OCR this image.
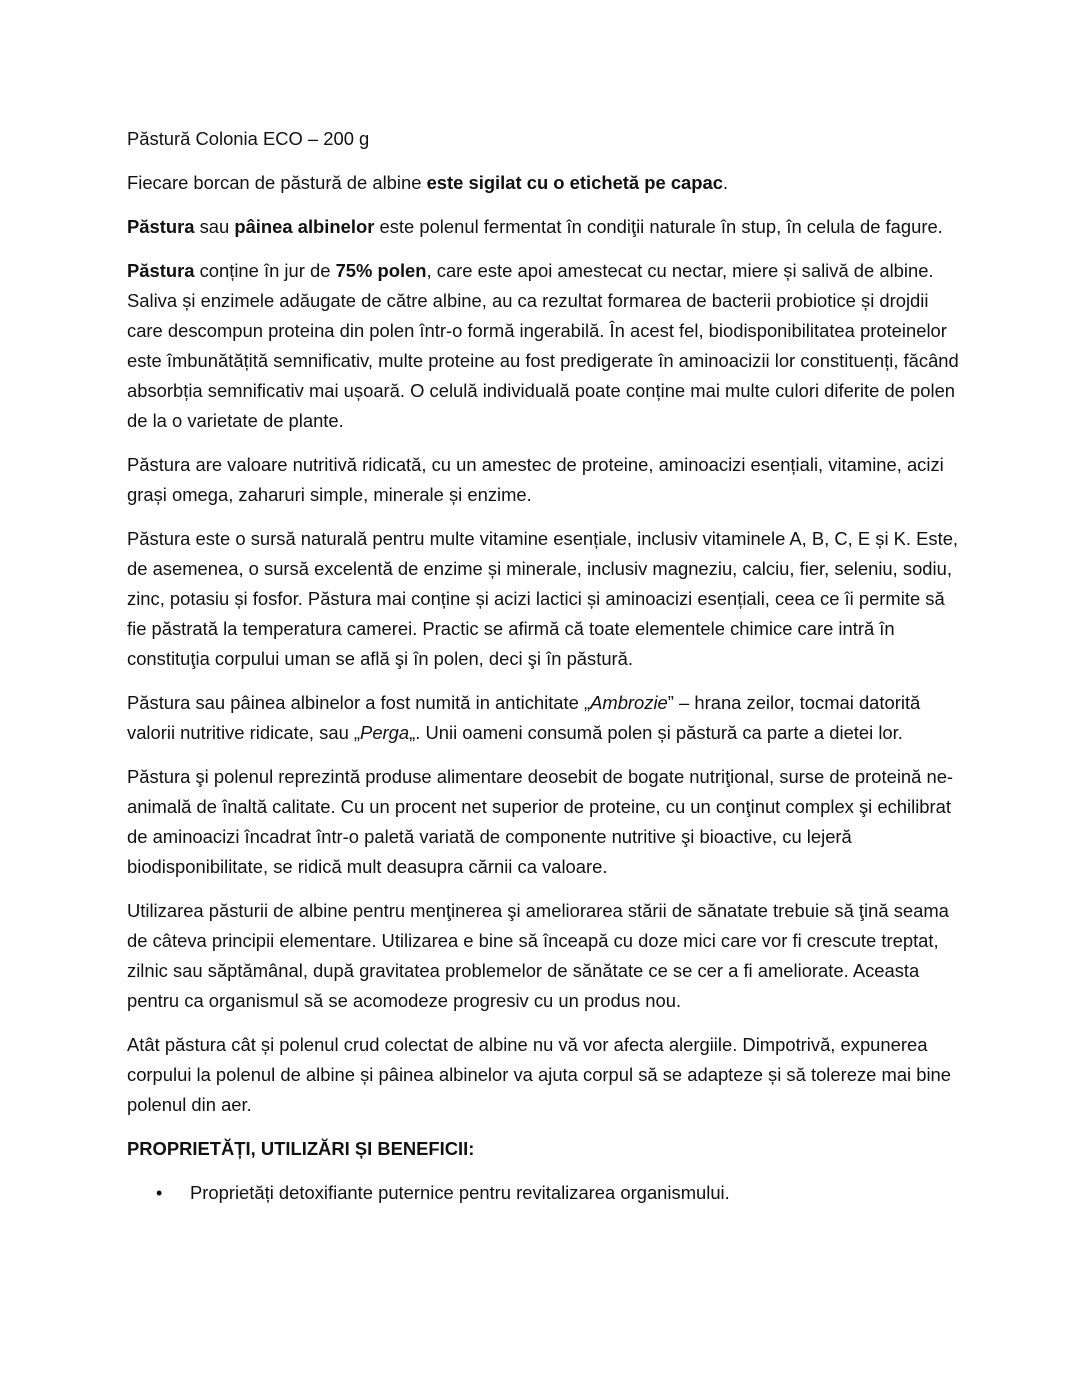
Păstură Colonia ECO – 200 g

Fiecare borcan de păstură de albine este sigilat cu o etichetă pe capac.

Păstura sau pâinea albinelor este polenul fermentat în condiţii naturale în stup, în celula de fagure.

Păstura conține în jur de 75% polen, care este apoi amestecat cu nectar, miere și salivă de albine. Saliva și enzimele adăugate de către albine, au ca rezultat formarea de bacterii probiotice și drojdii care descompun proteina din polen într-o formă ingerabilă. În acest fel, biodisponibilitatea proteinelor este îmbunătățită semnificativ, multe proteine au fost predigerate în aminoacizii lor constituenți, făcând absorbția semnificativ mai ușoară. O celulă individuală poate conține mai multe culori diferite de polen de la o varietate de plante.

Păstura are valoare nutritivă ridicată, cu un amestec de proteine, aminoacizi esențiali, vitamine, acizi grași omega, zaharuri simple, minerale și enzime.

Păstura este o sursă naturală pentru multe vitamine esențiale, inclusiv vitaminele A, B, C, E și K. Este, de asemenea, o sursă excelentă de enzime și minerale, inclusiv magneziu, calciu, fier, seleniu, sodiu, zinc, potasiu și fosfor. Păstura mai conține și acizi lactici și aminoacizi esențiali, ceea ce îi permite să fie păstrată la temperatura camerei. Practic se afirmă că toate elementele chimice care intră în constituţia corpului uman se află şi în polen, deci şi în păstură.

Păstura sau pâinea albinelor a fost numită in antichitate „Ambrozie” – hrana zeilor, tocmai datorită valorii nutritive ridicate, sau „Perga„. Unii oameni consumă polen și păstură ca parte a dietei lor.

Păstura şi polenul reprezintă produse alimentare deosebit de bogate nutriţional, surse de proteină ne-animală de înaltă calitate. Cu un procent net superior de proteine, cu un conţinut complex şi echilibrat de aminoacizi încadrat într-o paletă variată de componente nutritive şi bioactive, cu lejeră biodisponibilitate, se ridică mult deasupra cărnii ca valoare.

Utilizarea păsturii de albine pentru menţinerea şi ameliorarea stării de sănatate trebuie să ţină seama de câteva principii elementare. Utilizarea e bine să înceapă cu doze mici care vor fi crescute treptat, zilnic sau săptămânal, după gravitatea problemelor de sănătate ce se cer a fi ameliorate. Aceasta pentru ca organismul să se acomodeze progresiv cu un produs nou.

Atât păstura cât și polenul crud colectat de albine nu vă vor afecta alergiile. Dimpotrivă, expunerea corpului la polenul de albine și pâinea albinelor va ajuta corpul să se adapteze și să tolereze mai bine polenul din aer.

PROPRIETĂȚI, UTILIZĂRI ȘI BENEFICII:

• Proprietăți detoxifiante puternice pentru revitalizarea organismului.
